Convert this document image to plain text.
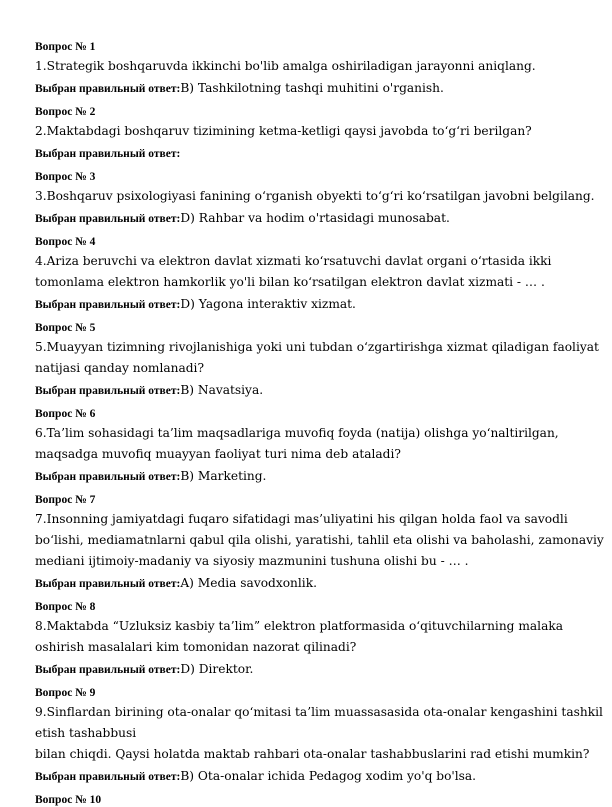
Вопрос № 1
1.Strategik boshqaruvda ikkinchi bo'lib amalga oshiriladigan jarayonni aniqlang.
Выбран правильный ответ:B) Tashkilotning tashqi muhitini o'rganish.
Вопрос № 2
2.Maktabdagi boshqaruv tizimining ketma-ketligi qaysi javobda to‘g‘ri berilgan?
Выбран правильный ответ:
Вопрос № 3
3.Boshqaruv psixologiyasi fanining o‘rganish obyekti to‘g‘ri ko‘rsatilgan javobni belgilang.
Выбран правильный ответ:D) Rahbar va hodim o'rtasidagi munosabat.
Вопрос № 4
4.Ariza beruvchi va elektron davlat xizmati ko‘rsatuvchi davlat organi o‘rtasida ikki
tomonlama elektron hamkorlik yo'li bilan ko‘rsatilgan elektron davlat xizmati - … .
Выбран правильный ответ:D) Yagona interaktiv xizmat.
Вопрос № 5
5.Muayyan tizimning rivojlanishiga yoki uni tubdan o‘zgartirishga xizmat qiladigan faoliyat
natijasi qanday nomlanadi?
Выбран правильный ответ:B) Navatsiya.
Вопрос № 6
6.Ta’lim sohasidagi ta’lim maqsadlariga muvofiq foyda (natija) olishga yo‘naltirilgan,
maqsadga muvofiq muayyan faoliyat turi nima deb ataladi?
Выбран правильный ответ:B) Marketing.
Вопрос № 7
7.Insonning jamiyatdagi fuqaro sifatidagi mas’uliyatini his qilgan holda faol va savodli
bo‘lishi, mediamatnlarni qabul qila olishi, yaratishi, tahlil eta olishi va baholashi, zamonaviy
mediani ijtimoiy-madaniy va siyosiy mazmunini tushuna olishi bu - … .
Выбран правильный ответ:A) Media savodxonlik.
Вопрос № 8
8.Maktabda “Uzluksiz kasbiy ta’lim” elektron platformasida o‘qituvchilarning malaka
oshirish masalalari kim tomonidan nazorat qilinadi?
Выбран правильный ответ:D) Direktor.
Вопрос № 9
9.Sinflardan birining ota-onalar qo‘mitasi ta’lim muassasasida ota-onalar kengashini tashkil
etish tashabbusi
bilan chiqdi. Qaysi holatda maktab rahbari ota-onalar tashabbuslarini rad etishi mumkin?
Выбран правильный ответ:B) Ota-onalar ichida Pedagog xodim yo'q bo'lsa.
Вопрос № 10
